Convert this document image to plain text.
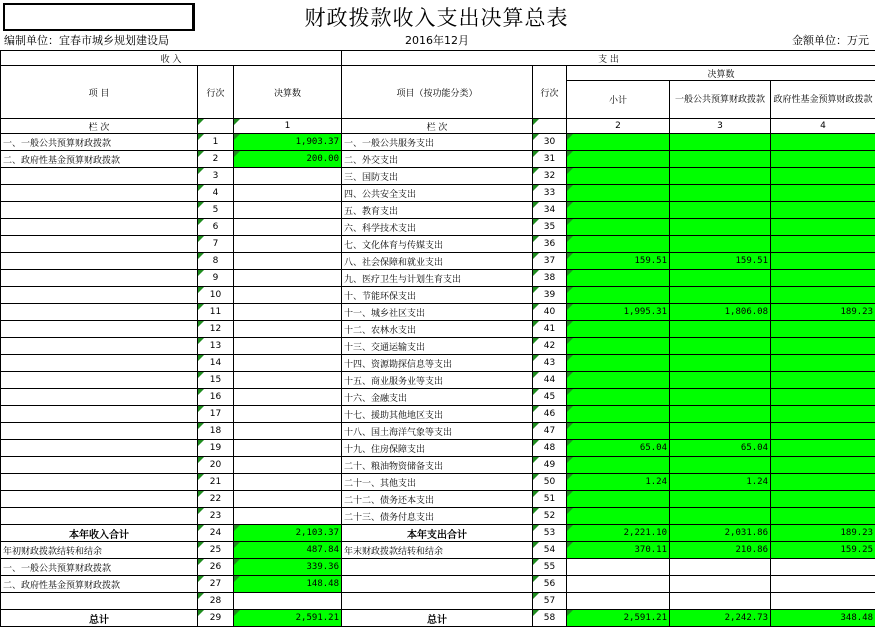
财政拨款收入支出决算总表
编制单位：宜春市城乡规划建设局	2016年12月	金额单位：万元
收 入			支 出				
项 目	行次	决算数	项目（按功能分类）	行次	决算数		
					小计	一般公共预算财政拨款	政府性基金预算财政拨款
栏 次		1	栏 次		2	3	4
一、一般公共预算财政拨款	1	1,903.37	一、一般公共服务支出	30			
二、政府性基金预算财政拨款	2	200.00	二、外交支出	31			
	3		三、国防支出	32			
	4		四、公共安全支出	33			
	5		五、教育支出	34			
	6		六、科学技术支出	35			
	7		七、文化体育与传媒支出	36			
	8		八、社会保障和就业支出	37	159.51	159.51	
	9		九、医疗卫生与计划生育支出	38			
	10		十、节能环保支出	39			
	11		十一、城乡社区支出	40	1,995.31	1,806.08	189.23
	12		十二、农林水支出	41			
	13		十三、交通运输支出	42			
	14		十四、资源勘探信息等支出	43			
	15		十五、商业服务业等支出	44			
	16		十六、金融支出	45			
	17		十七、援助其他地区支出	46			
	18		十八、国土海洋气象等支出	47			
	19		十九、住房保障支出	48	65.04	65.04	
	20		二十、粮油物资储备支出	49			
	21		二十一、其他支出	50	1.24	1.24	
	22		二十二、债务还本支出	51			
	23		二十三、债务付息支出	52			
本年收入合计	24	2,103.37	本年支出合计	53	2,221.10	2,031.86	189.23
年初财政拨款结转和结余	25	487.84	年末财政拨款结转和结余	54	370.11	210.86	159.25
一、一般公共预算财政拨款	26	339.36		55			
二、政府性基金预算财政拨款	27	148.48		56			
	28			57			
总计	29	2,591.21	总计	58	2,591.21	2,242.73	348.48
